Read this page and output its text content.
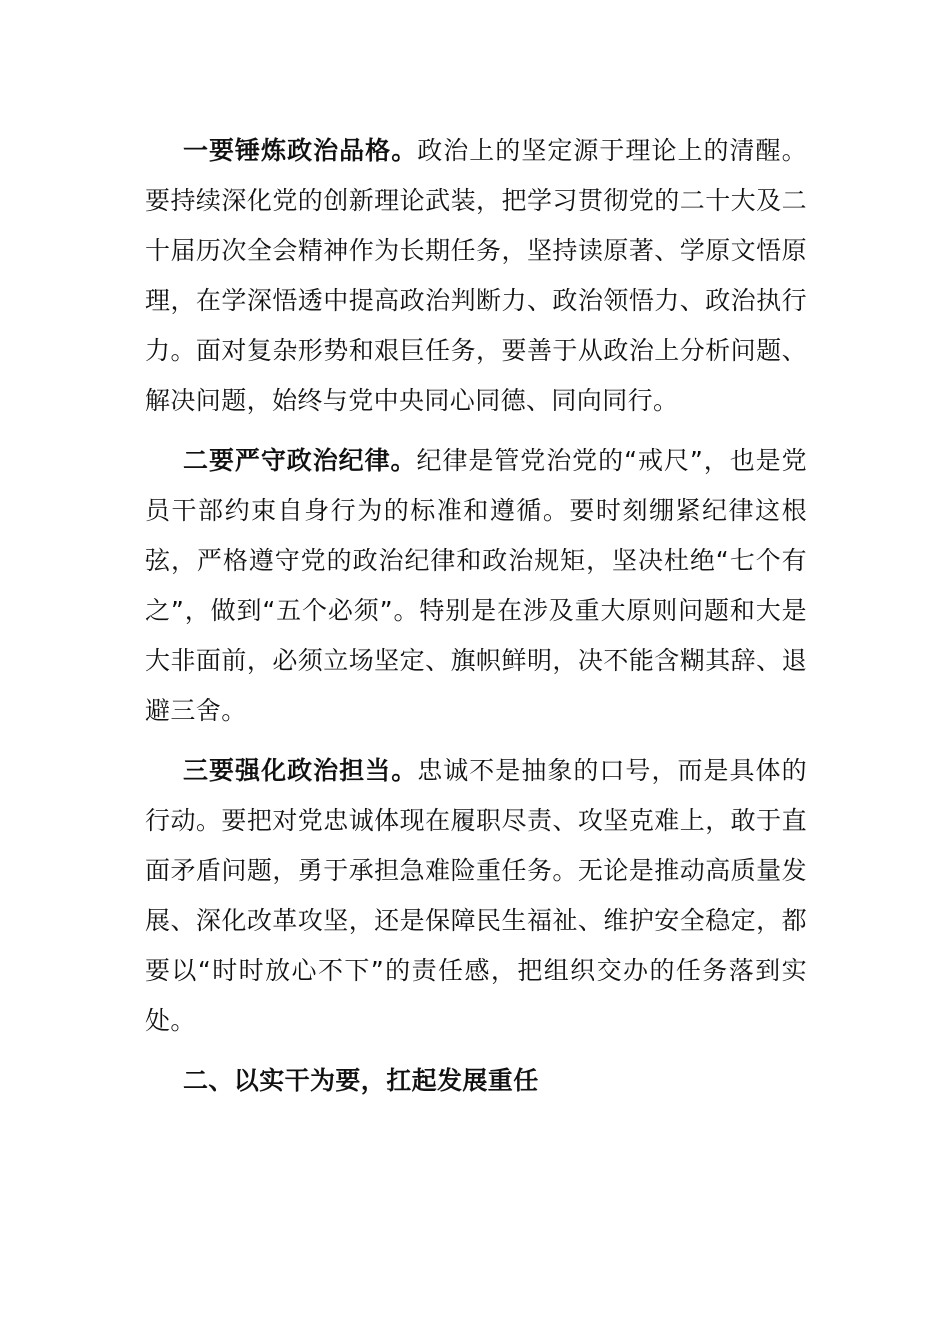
一要锤炼政治品格。政治上的坚定源于理论上的清醒。要持续深化党的创新理论武装，把学习贯彻党的二十大及二十届历次全会精神作为长期任务，坚持读原著、学原文悟原理，在学深悟透中提高政治判断力、政治领悟力、政治执行力。面对复杂形势和艰巨任务，要善于从政治上分析问题、解决问题，始终与党中央同心同德、同向同行。

二要严守政治纪律。纪律是管党治党的“戒尺”，也是党员干部约束自身行为的标准和遵循。要时刻绷紧纪律这根弦，严格遵守党的政治纪律和政治规矩，坚决杜绝“七个有之”，做到“五个必须”。特别是在涉及重大原则问题和大是大非面前，必须立场坚定、旗帜鲜明，决不能含糊其辞、退避三舍。

三要强化政治担当。忠诚不是抽象的口号，而是具体的行动。要把对党忠诚体现在履职尽责、攻坚克难上，敢于直面矛盾问题，勇于承担急难险重任务。无论是推动高质量发展、深化改革攻坚，还是保障民生福祉、维护安全稳定，都要以“时时放心不下”的责任感，把组织交办的任务落到实处。

二、以实干为要，扛起发展重任
